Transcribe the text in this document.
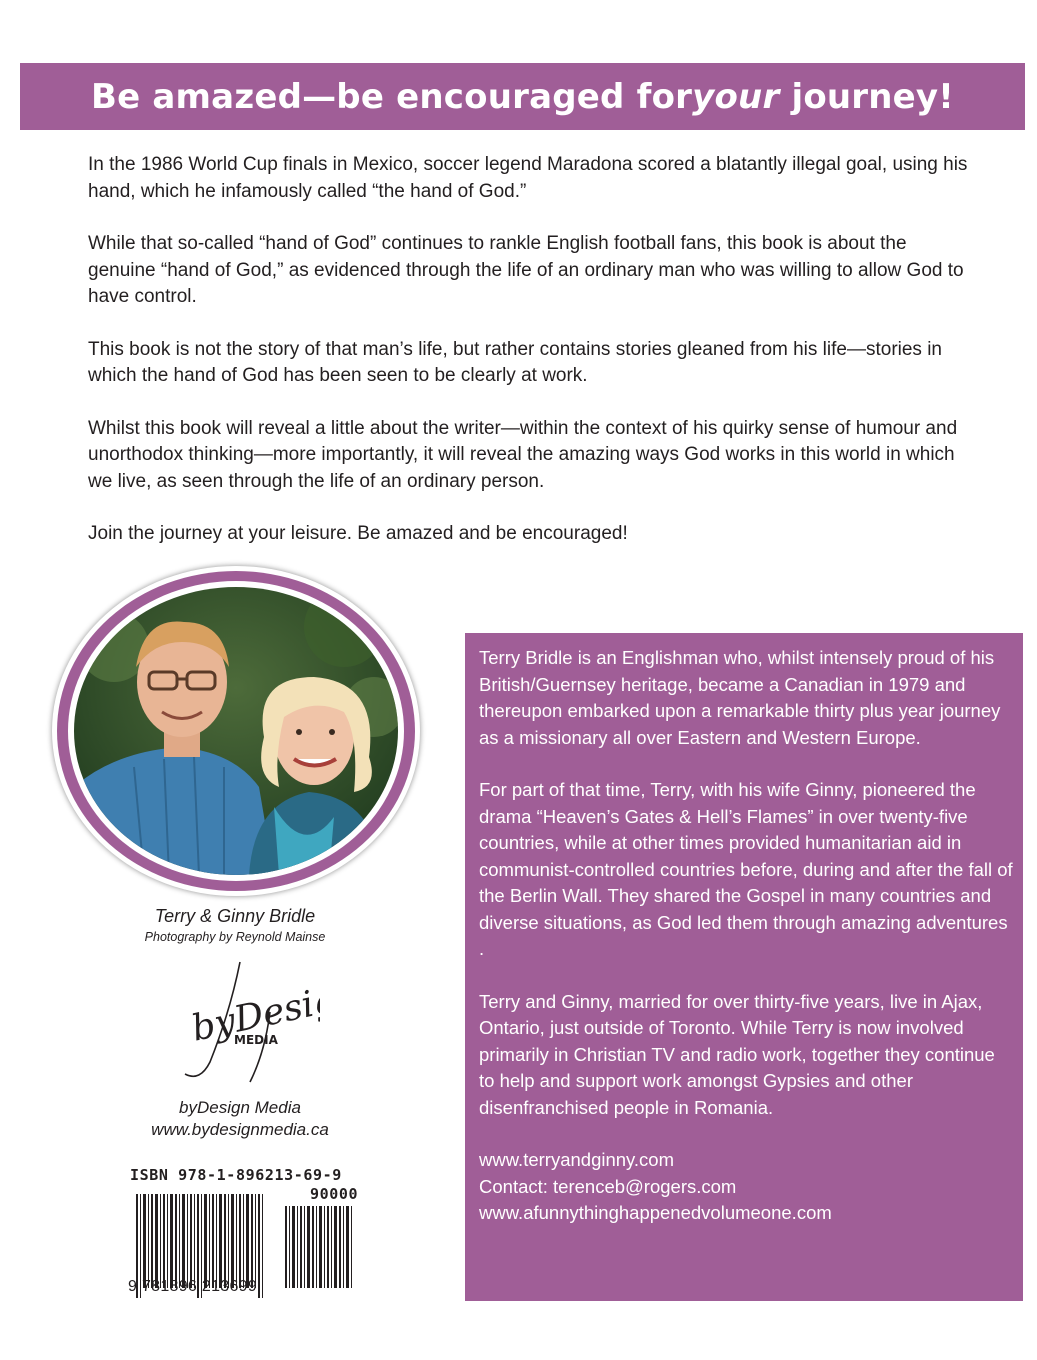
Be amazed—be encouraged for your journey!

In the 1986 World Cup finals in Mexico, soccer legend Maradona scored a blatantly illegal goal, using his hand, which he infamously called “the hand of God.”

While that so-called “hand of God” continues to rankle English football fans, this book is about the genuine “hand of God,” as evidenced through the life of an ordinary man who was willing to allow God to have control.

This book is not the story of that man’s life, but rather contains stories gleaned from his life—stories in which the hand of God has been seen to be clearly at work.

Whilst this book will reveal a little about the writer—within the context of his quirky sense of humour and unorthodox thinking—more importantly, it will reveal the amazing ways God works in this world in which we live, as seen through the life of an ordinary person.

Join the journey at your leisure. Be amazed and be encouraged!

Terry & Ginny Bridle
Photography by Reynold Mainse
byDesign
MEDIA
byDesign Media
www.bydesignmedia.ca
ISBN 978-1-896213-69-9
90000
9 781896 213699

Terry Bridle is an Englishman who, whilst intensely proud of his British/Guernsey heritage, became a Canadian in 1979 and thereupon embarked upon a remarkable thirty plus year journey as a missionary all over Eastern and Western Europe.

For part of that time, Terry, with his wife Ginny, pioneered the drama “Heaven’s Gates & Hell’s Flames” in over twenty-five countries, while at other times provided humanitarian aid in communist-controlled countries before, during and after the fall of the Berlin Wall. They shared the Gospel in many countries and diverse situations, as God led them through amazing adventures .

Terry and Ginny, married for over thirty-five years, live in Ajax, Ontario, just outside of Toronto. While Terry is now involved primarily in Christian TV and radio work, together they continue to help and support work amongst Gypsies and other disenfranchised people in Romania.

www.terryandginny.com
Contact: terenceb@rogers.com
www.afunnythinghappenedvolumeone.com
